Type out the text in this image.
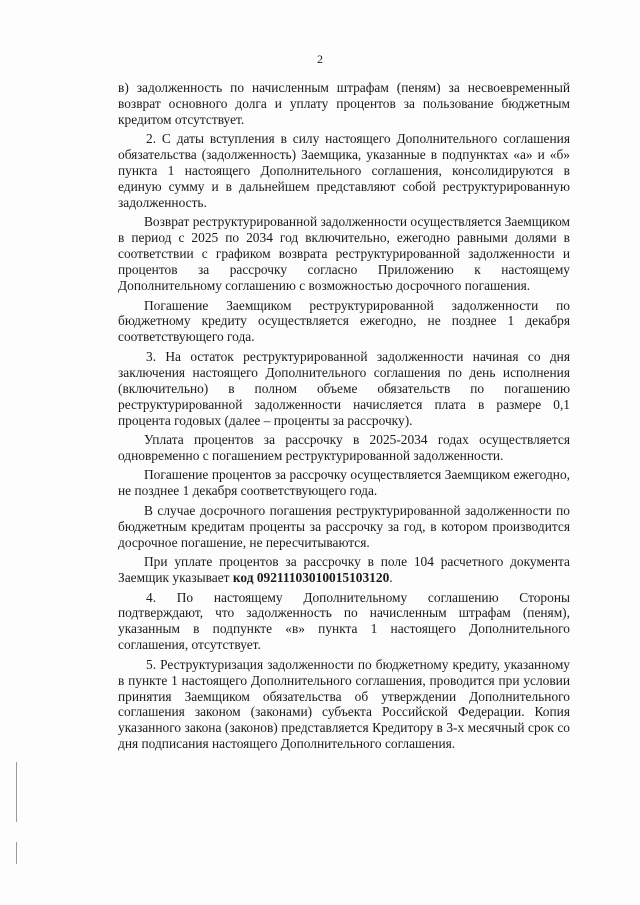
2

в) задолженность по начисленным штрафам (пеням) за несвоевременный возврат основного долга и уплату процентов за пользование бюджетным кредитом отсутствует.

2. С даты вступления в силу настоящего Дополнительного соглашения обязательства (задолженность) Заемщика, указанные в подпунктах «а» и «б» пункта 1 настоящего Дополнительного соглашения, консолидируются в единую сумму и в дальнейшем представляют собой реструктурированную задолженность.

Возврат реструктурированной задолженности осуществляется Заемщиком в период с 2025 по 2034 год включительно, ежегодно равными долями в соответствии с графиком возврата реструктурированной задолженности и процентов за рассрочку согласно Приложению к настоящему Дополнительному соглашению с возможностью досрочного погашения.

Погашение Заемщиком реструктурированной задолженности по бюджетному кредиту осуществляется ежегодно, не позднее 1 декабря соответствующего года.

3. На остаток реструктурированной задолженности начиная со дня заключения настоящего Дополнительного соглашения по день исполнения (включительно) в полном объеме обязательств по погашению реструктурированной задолженности начисляется плата в размере 0,1 процента годовых (далее – проценты за рассрочку).

Уплата процентов за рассрочку в 2025-2034 годах осуществляется одновременно с погашением реструктурированной задолженности.

Погашение процентов за рассрочку осуществляется Заемщиком ежегодно, не позднее 1 декабря соответствующего года.

В случае досрочного погашения реструктурированной задолженности по бюджетным кредитам проценты за рассрочку за год, в котором производится досрочное погашение, не пересчитываются.

При уплате процентов за рассрочку в поле 104 расчетного документа Заемщик указывает код 09211103010015103120.

4. По настоящему Дополнительному соглашению Стороны подтверждают, что задолженность по начисленным штрафам (пеням), указанным в подпункте «в» пункта 1 настоящего Дополнительного соглашения, отсутствует.

5. Реструктуризация задолженности по бюджетному кредиту, указанному в пункте 1 настоящего Дополнительного соглашения, проводится при условии принятия Заемщиком обязательства об утверждении Дополнительного соглашения законом (законами) субъекта Российской Федерации. Копия указанного закона (законов) представляется Кредитору в 3-х месячный срок со дня подписания настоящего Дополнительного соглашения.
